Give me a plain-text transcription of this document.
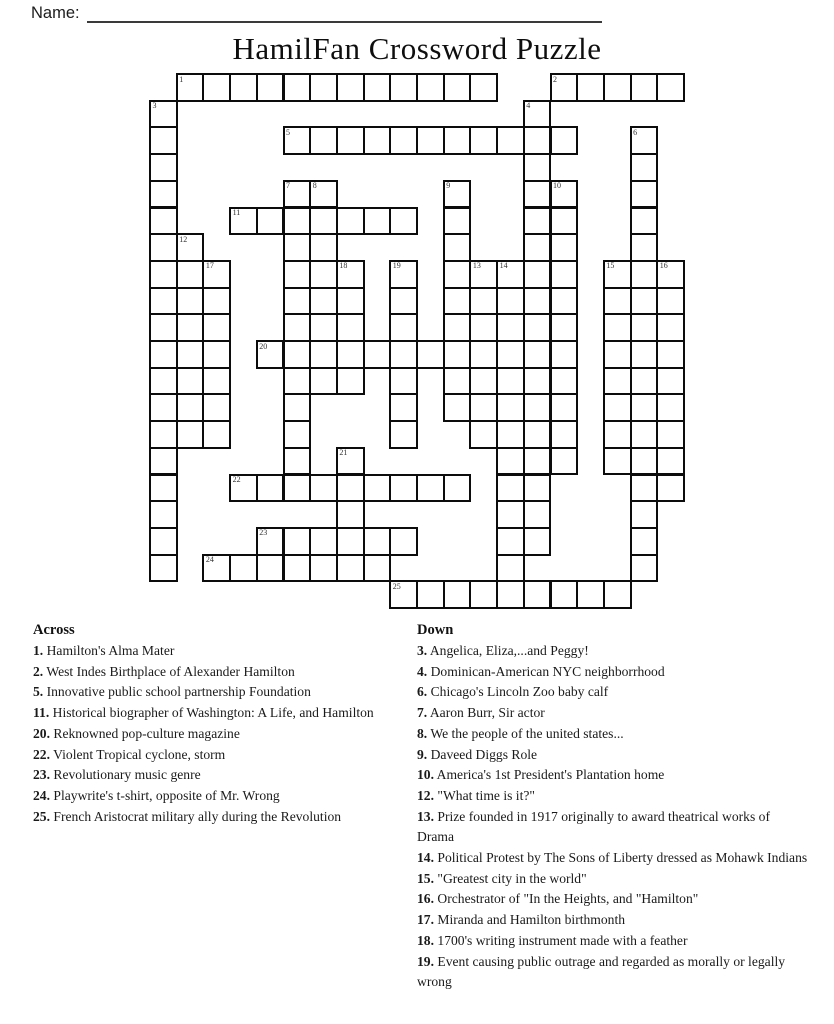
Name:
HamilFan Crossword Puzzle
1	2
3	4
5	6
7	8	9	10
11
12
17	18	19	13 14	15	16
20
21
22
23
24
25
Across
1. Hamilton's Alma Mater
2. West Indes Birthplace of Alexander Hamilton
5. Innovative public school partnership Foundation
11. Historical biographer of Washington: A Life, and Hamilton
20. Reknowned pop-culture magazine
22. Violent Tropical cyclone, storm
23. Revolutionary music genre
24. Playwrite's t-shirt, opposite of Mr. Wrong
25. French Aristocrat military ally during the Revolution
Down
3. Angelica, Eliza,...and Peggy!
4. Dominican-American NYC neighborrhood
6. Chicago's Lincoln Zoo baby calf
7. Aaron Burr, Sir actor
8. We the people of the united states...
9. Daveed Diggs Role
10. America's 1st President's Plantation home
12. "What time is it?"
13. Prize founded in 1917 originally to award theatrical works of Drama
14. Political Protest by The Sons of Liberty dressed as Mohawk Indians
15. "Greatest city in the world"
16. Orchestrator of "In the Heights, and "Hamilton"
17. Miranda and Hamilton birthmonth
18. 1700's writing instrument made with a feather
19. Event causing public outrage and regarded as morally or legally wrong
